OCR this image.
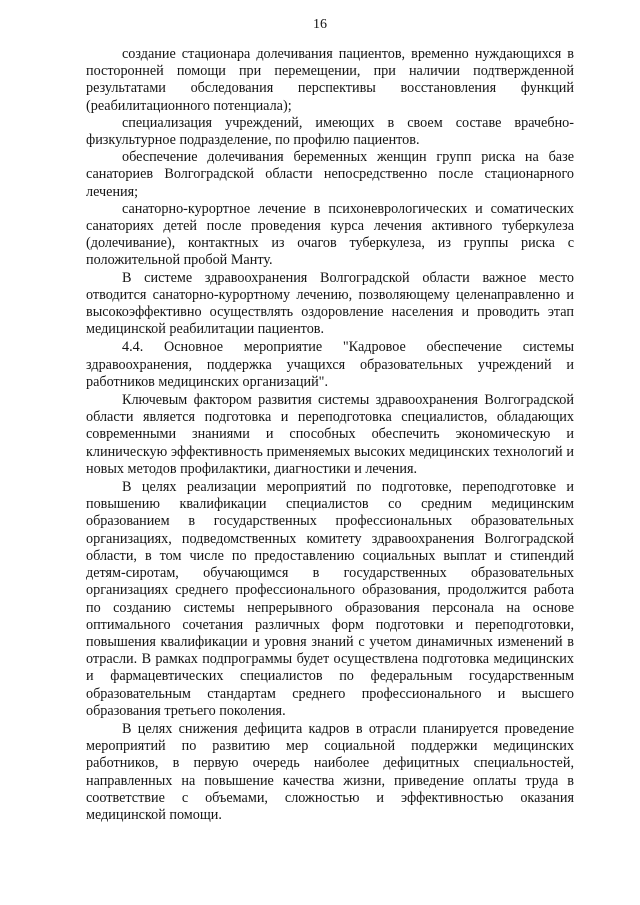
16

создание стационара долечивания пациентов, временно нуждающихся в посторонней помощи при перемещении, при наличии подтвержденной результатами обследования перспективы восстановления функций (реабилитационного потенциала);

специализация учреждений, имеющих в своем составе врачебно-физкультурное подразделение, по профилю пациентов.

обеспечение долечивания беременных женщин групп риска на базе санаториев Волгоградской области непосредственно после стационарного лечения;

санаторно-курортное лечение в психоневрологических и соматических санаториях детей после проведения курса лечения активного туберкулеза (долечивание), контактных из очагов туберкулеза, из группы риска с положительной пробой Манту.

В системе здравоохранения Волгоградской области важное место отводится санаторно-курортному лечению, позволяющему целенаправленно и высокоэффективно осуществлять оздоровление населения и проводить этап медицинской реабилитации пациентов.

4.4. Основное мероприятие "Кадровое обеспечение системы здравоохранения, поддержка учащихся образовательных учреждений и работников медицинских организаций".

Ключевым фактором развития системы здравоохранения Волгоградской области является подготовка и переподготовка специалистов, обладающих современными знаниями и способных обеспечить экономическую и клиническую эффективность применяемых высоких медицинских технологий и новых методов профилактики, диагностики и лечения.

В целях реализации мероприятий по подготовке, переподготовке и повышению квалификации специалистов со средним медицинским образованием в государственных профессиональных образовательных организациях, подведомственных комитету здравоохранения Волгоградской области, в том числе по предоставлению социальных выплат и стипендий детям-сиротам, обучающимся в государственных образовательных организациях среднего профессионального образования, продолжится работа по созданию системы непрерывного образования персонала на основе оптимального сочетания различных форм подготовки и переподготовки, повышения квалификации и уровня знаний с учетом динамичных изменений в отрасли. В рамках подпрограммы будет осуществлена подготовка медицинских и фармацевтических специалистов по федеральным государственным образовательным стандартам среднего профессионального и высшего образования третьего поколения.

В целях снижения дефицита кадров в отрасли планируется проведение мероприятий по развитию мер социальной поддержки медицинских работников, в первую очередь наиболее дефицитных специальностей, направленных на повышение качества жизни, приведение оплаты труда в соответствие с объемами, сложностью и эффективностью оказания медицинской помощи.
